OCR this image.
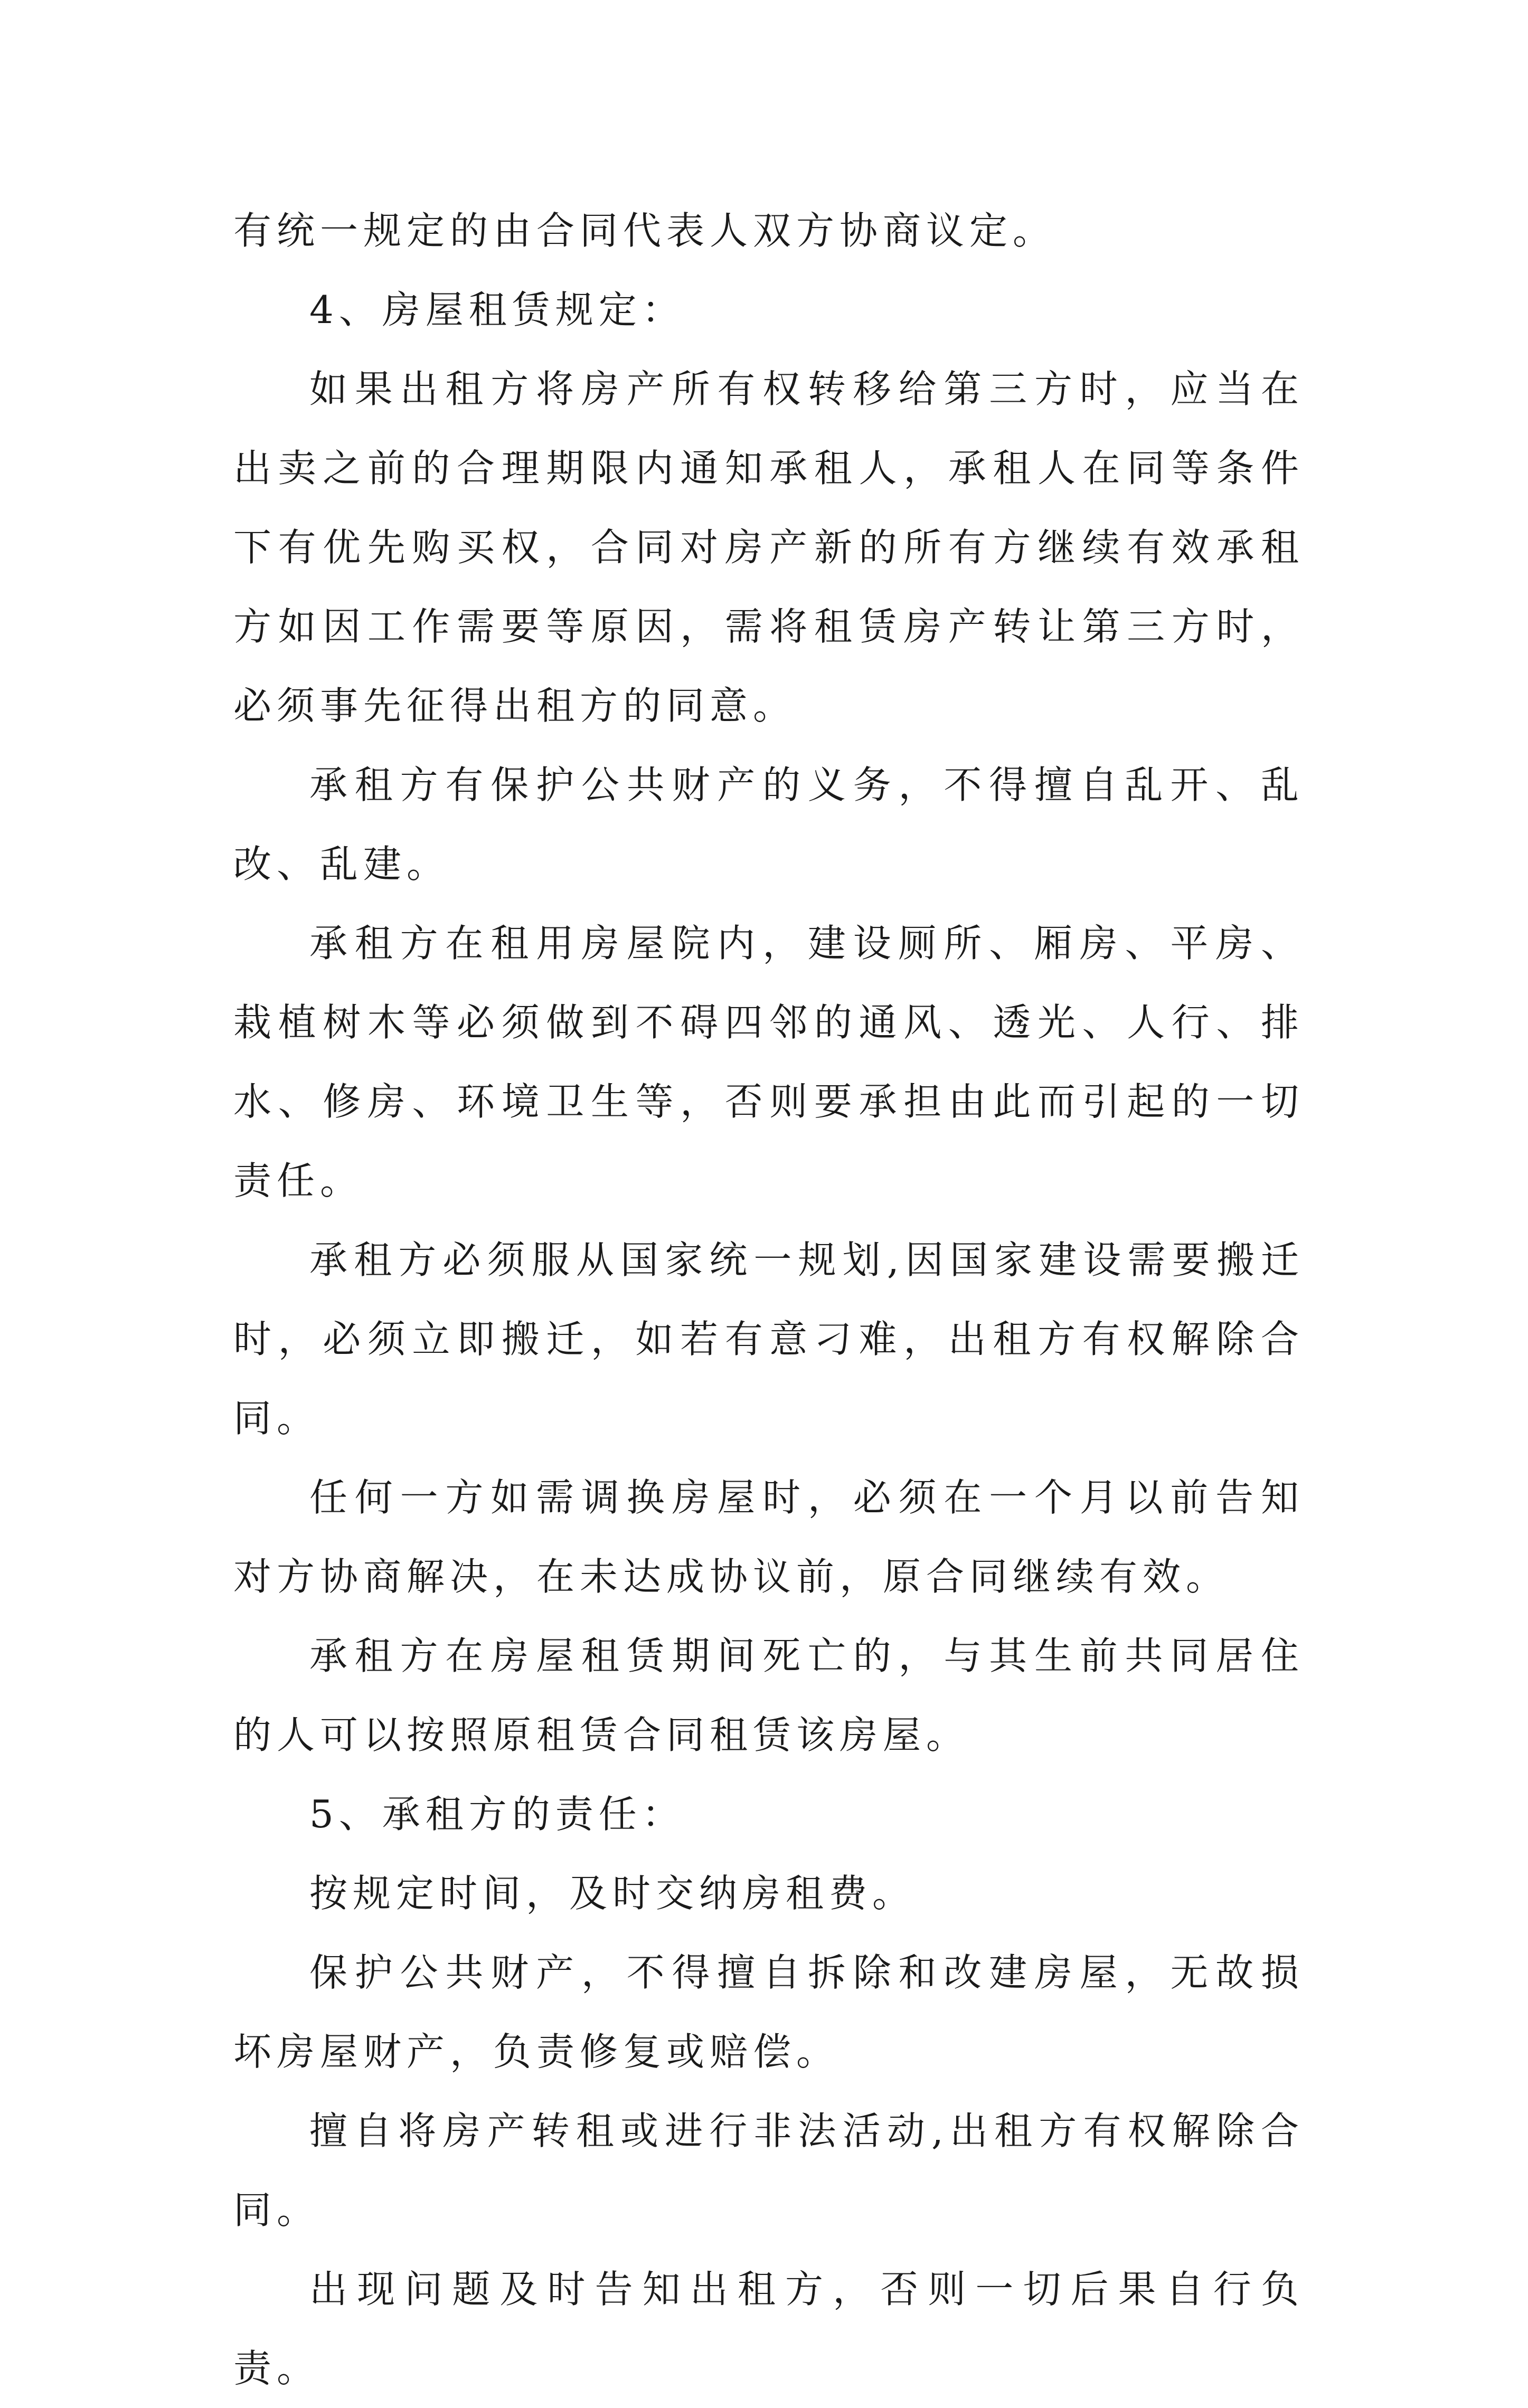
有统一规定的由合同代表人双方协商议定。

4、房屋租赁规定：

如果出租方将房产所有权转移给第三方时，应当在出卖之前的合理期限内通知承租人，承租人在同等条件下有优先购买权，合同对房产新的所有方继续有效承租方如因工作需要等原因，需将租赁房产转让第三方时，必须事先征得出租方的同意。

承租方有保护公共财产的义务，不得擅自乱开、乱改、乱建。

承租方在租用房屋院内，建设厕所、厢房、平房、栽植树木等必须做到不碍四邻的通风、透光、人行、排水、修房、环境卫生等，否则要承担由此而引起的一切责任。

承租方必须服从国家统一规划,因国家建设需要搬迁时，必须立即搬迁，如若有意刁难，出租方有权解除合同。

任何一方如需调换房屋时，必须在一个月以前告知对方协商解决，在未达成协议前，原合同继续有效。

承租方在房屋租赁期间死亡的，与其生前共同居住的人可以按照原租赁合同租赁该房屋。

5、承租方的责任：

按规定时间，及时交纳房租费。

保护公共财产，不得擅自拆除和改建房屋，无故损坏房屋财产，负责修复或赔偿。

擅自将房产转租或进行非法活动,出租方有权解除合同。

出现问题及时告知出租方，否则一切后果自行负责。
